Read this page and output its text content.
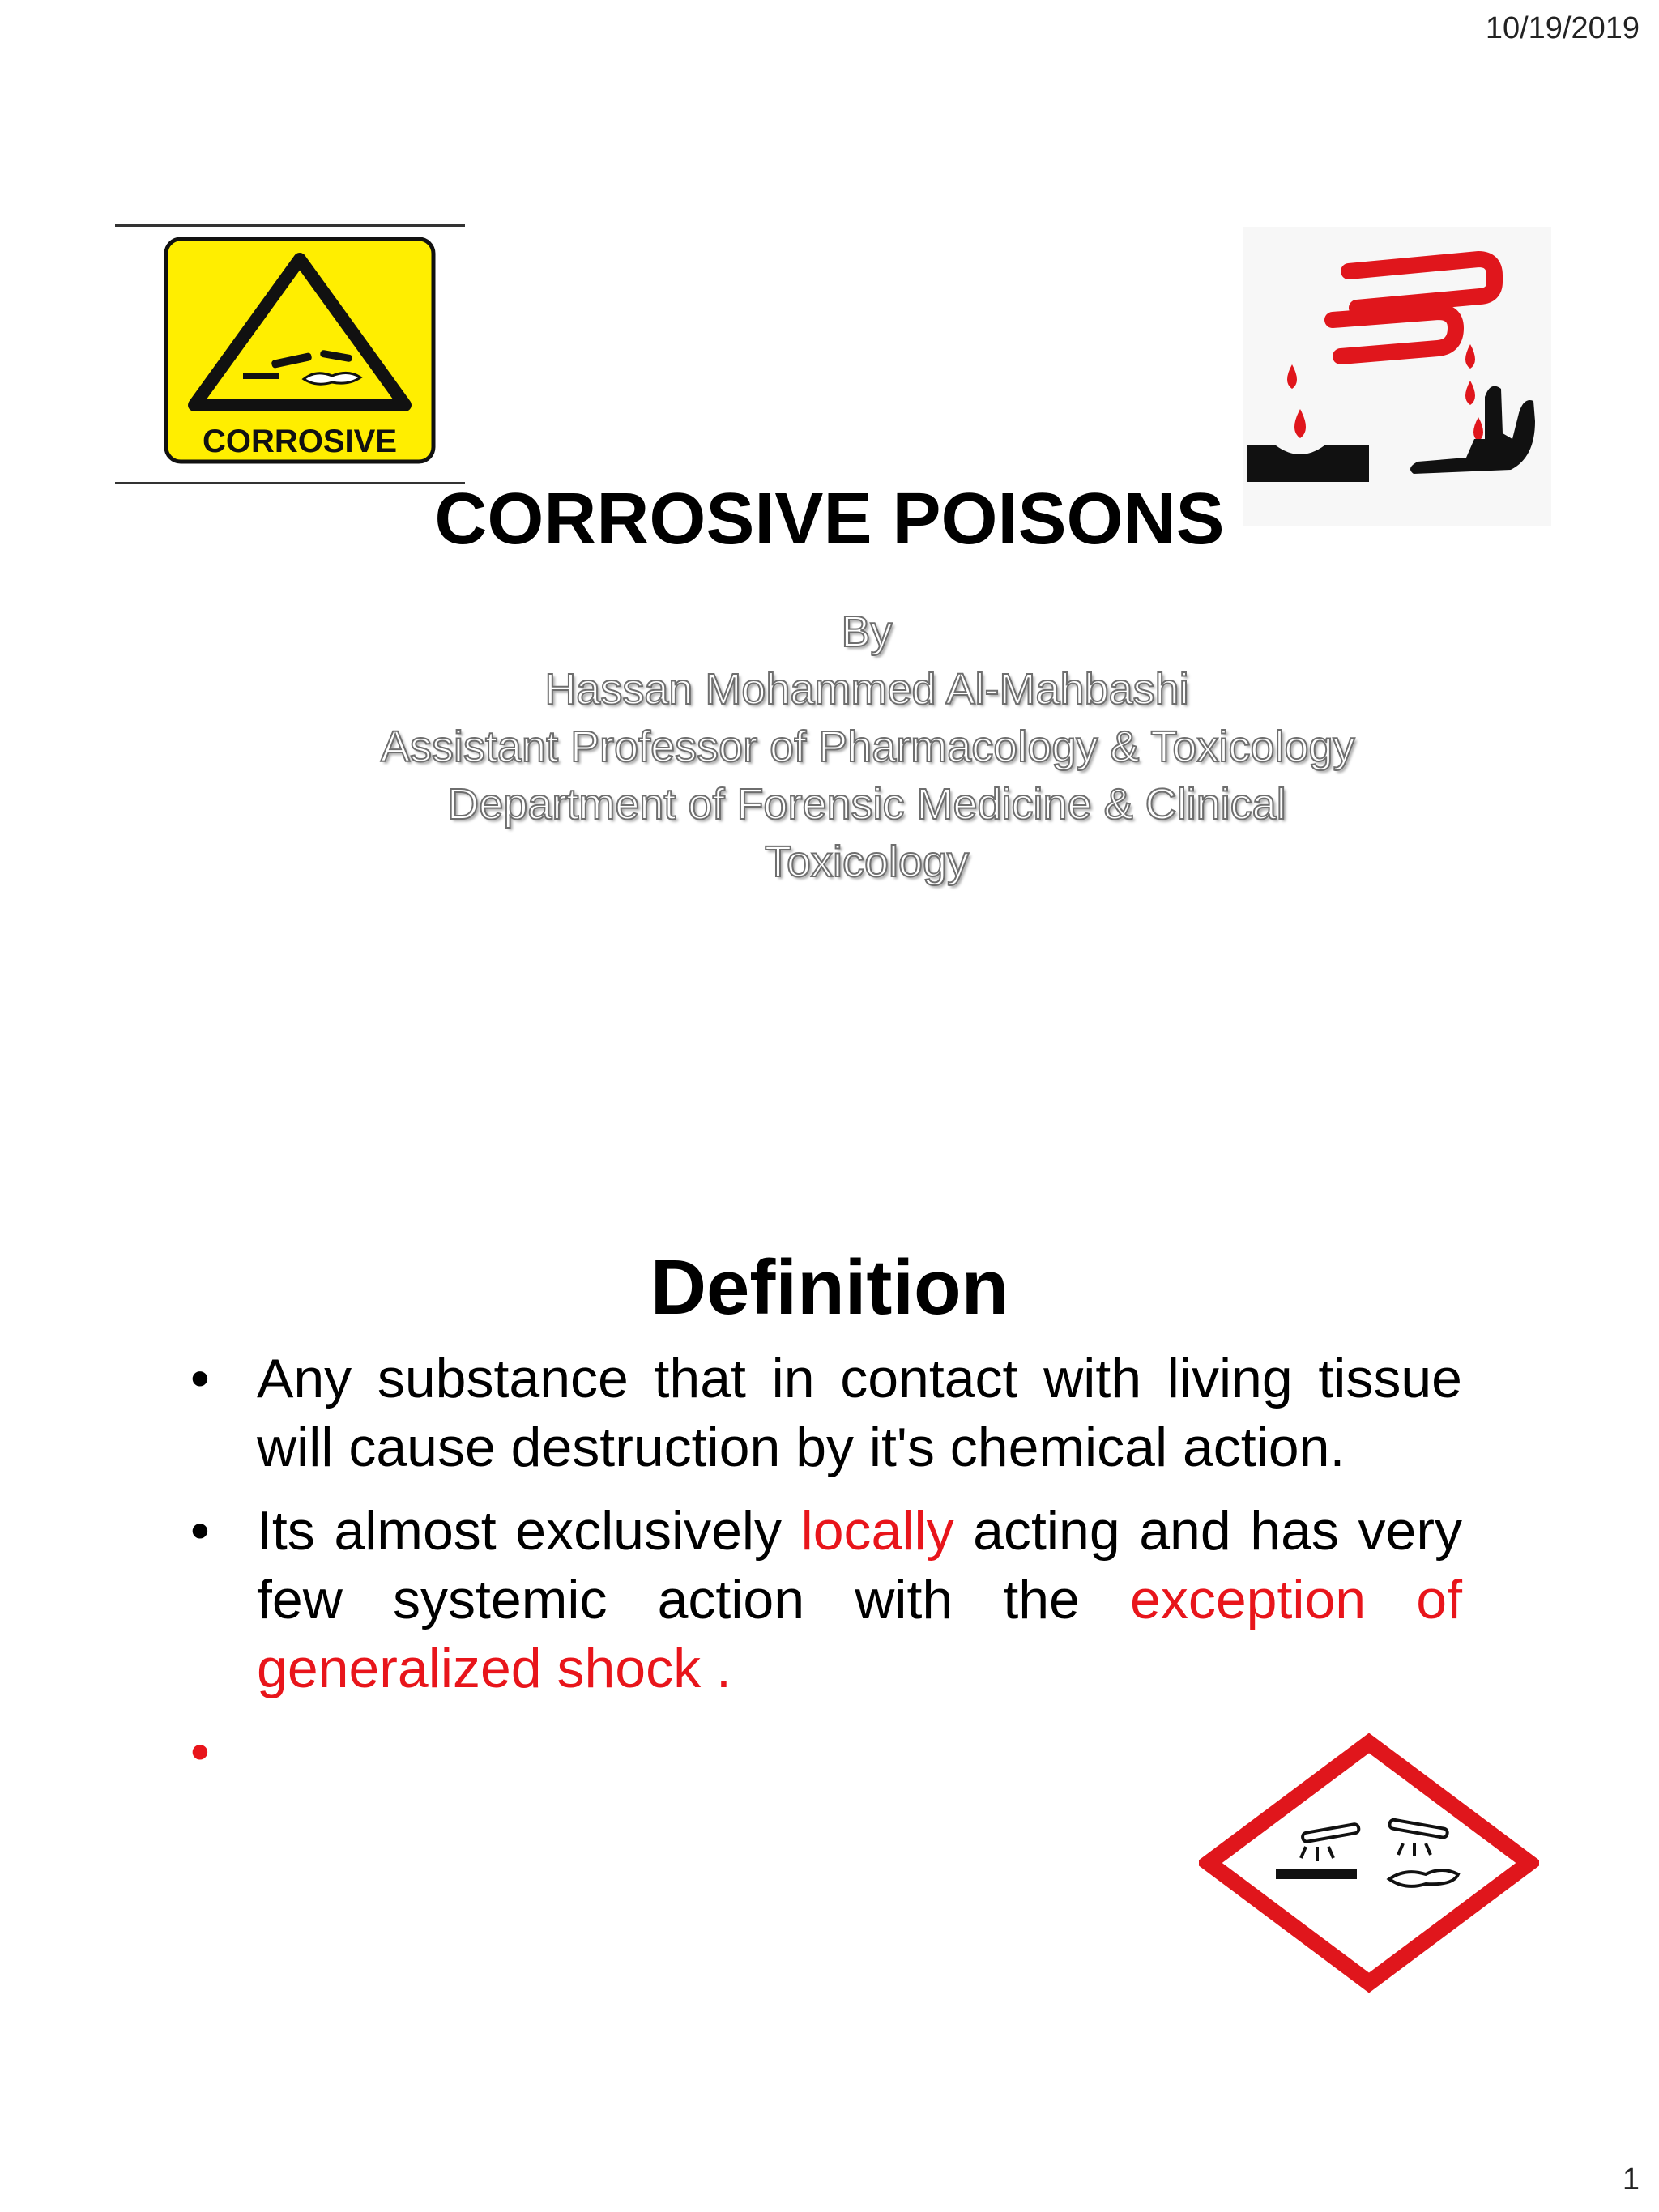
10/19/2019
CORROSIVE
CORROSIVE POISONS
By
Hassan Mohammed Al-Mahbashi
Assistant Professor of Pharmacology & Toxicology
Department of Forensic Medicine & Clinical
Toxicology
Definition
• Any substance that in contact with living tissue will cause destruction by it's chemical action.
• Its almost exclusively locally acting and has very few systemic action with the exception of generalized shock .
•

1
